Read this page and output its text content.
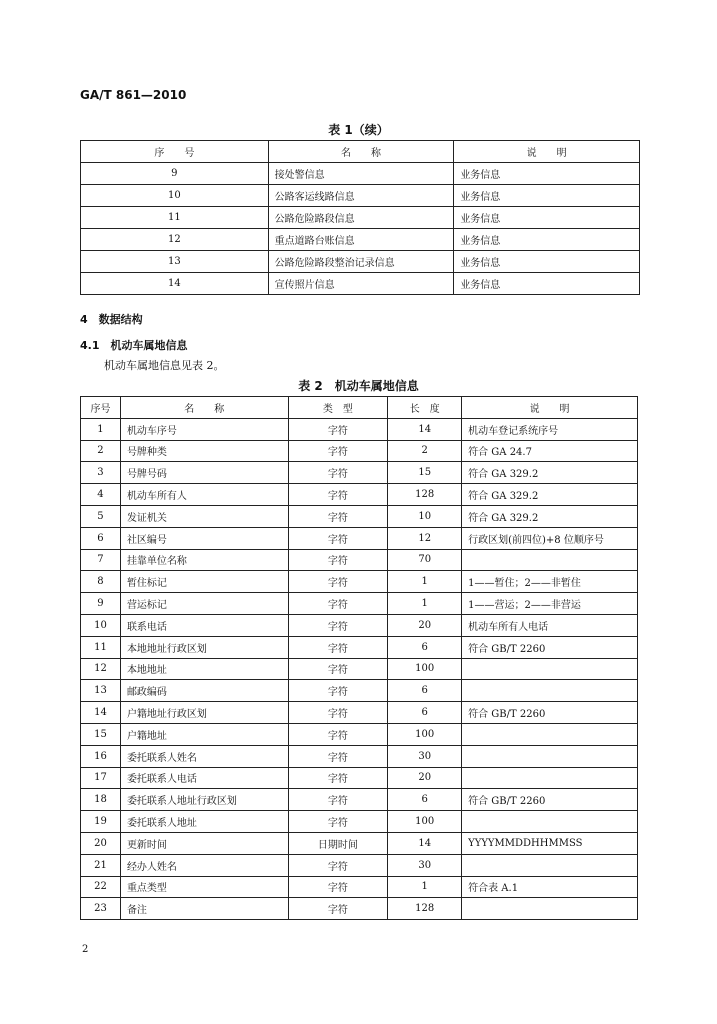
GA/T 861—2010
表 1（续）
序　　号	名　　称	说　　明
9	接处警信息	业务信息
10	公路客运线路信息	业务信息
11	公路危险路段信息	业务信息
12	重点道路台账信息	业务信息
13	公路危险路段整治记录信息	业务信息
14	宣传照片信息	业务信息
4　数据结构
4.1　机动车属地信息
机动车属地信息见表 2。
表 2　机动车属地信息
序号	名　　称	类　型	长　度	说　　明
1	机动车序号	字符	14	机动车登记系统序号
2	号牌种类	字符	2	符合 GA 24.7
3	号牌号码	字符	15	符合 GA 329.2
4	机动车所有人	字符	128	符合 GA 329.2
5	发证机关	字符	10	符合 GA 329.2
6	社区编号	字符	12	行政区划(前四位)+8 位顺序号
7	挂靠单位名称	字符	70	
8	暂住标记	字符	1	1——暂住；2——非暂住
9	营运标记	字符	1	1——营运；2——非营运
10	联系电话	字符	20	机动车所有人电话
11	本地地址行政区划	字符	6	符合 GB/T 2260
12	本地地址	字符	100	
13	邮政编码	字符	6	
14	户籍地址行政区划	字符	6	符合 GB/T 2260
15	户籍地址	字符	100	
16	委托联系人姓名	字符	30	
17	委托联系人电话	字符	20	
18	委托联系人地址行政区划	字符	6	符合 GB/T 2260
19	委托联系人地址	字符	100	
20	更新时间	日期时间	14	YYYYMMDDHHMMSS
21	经办人姓名	字符	30	
22	重点类型	字符	1	符合表 A.1
23	备注	字符	128	
2
